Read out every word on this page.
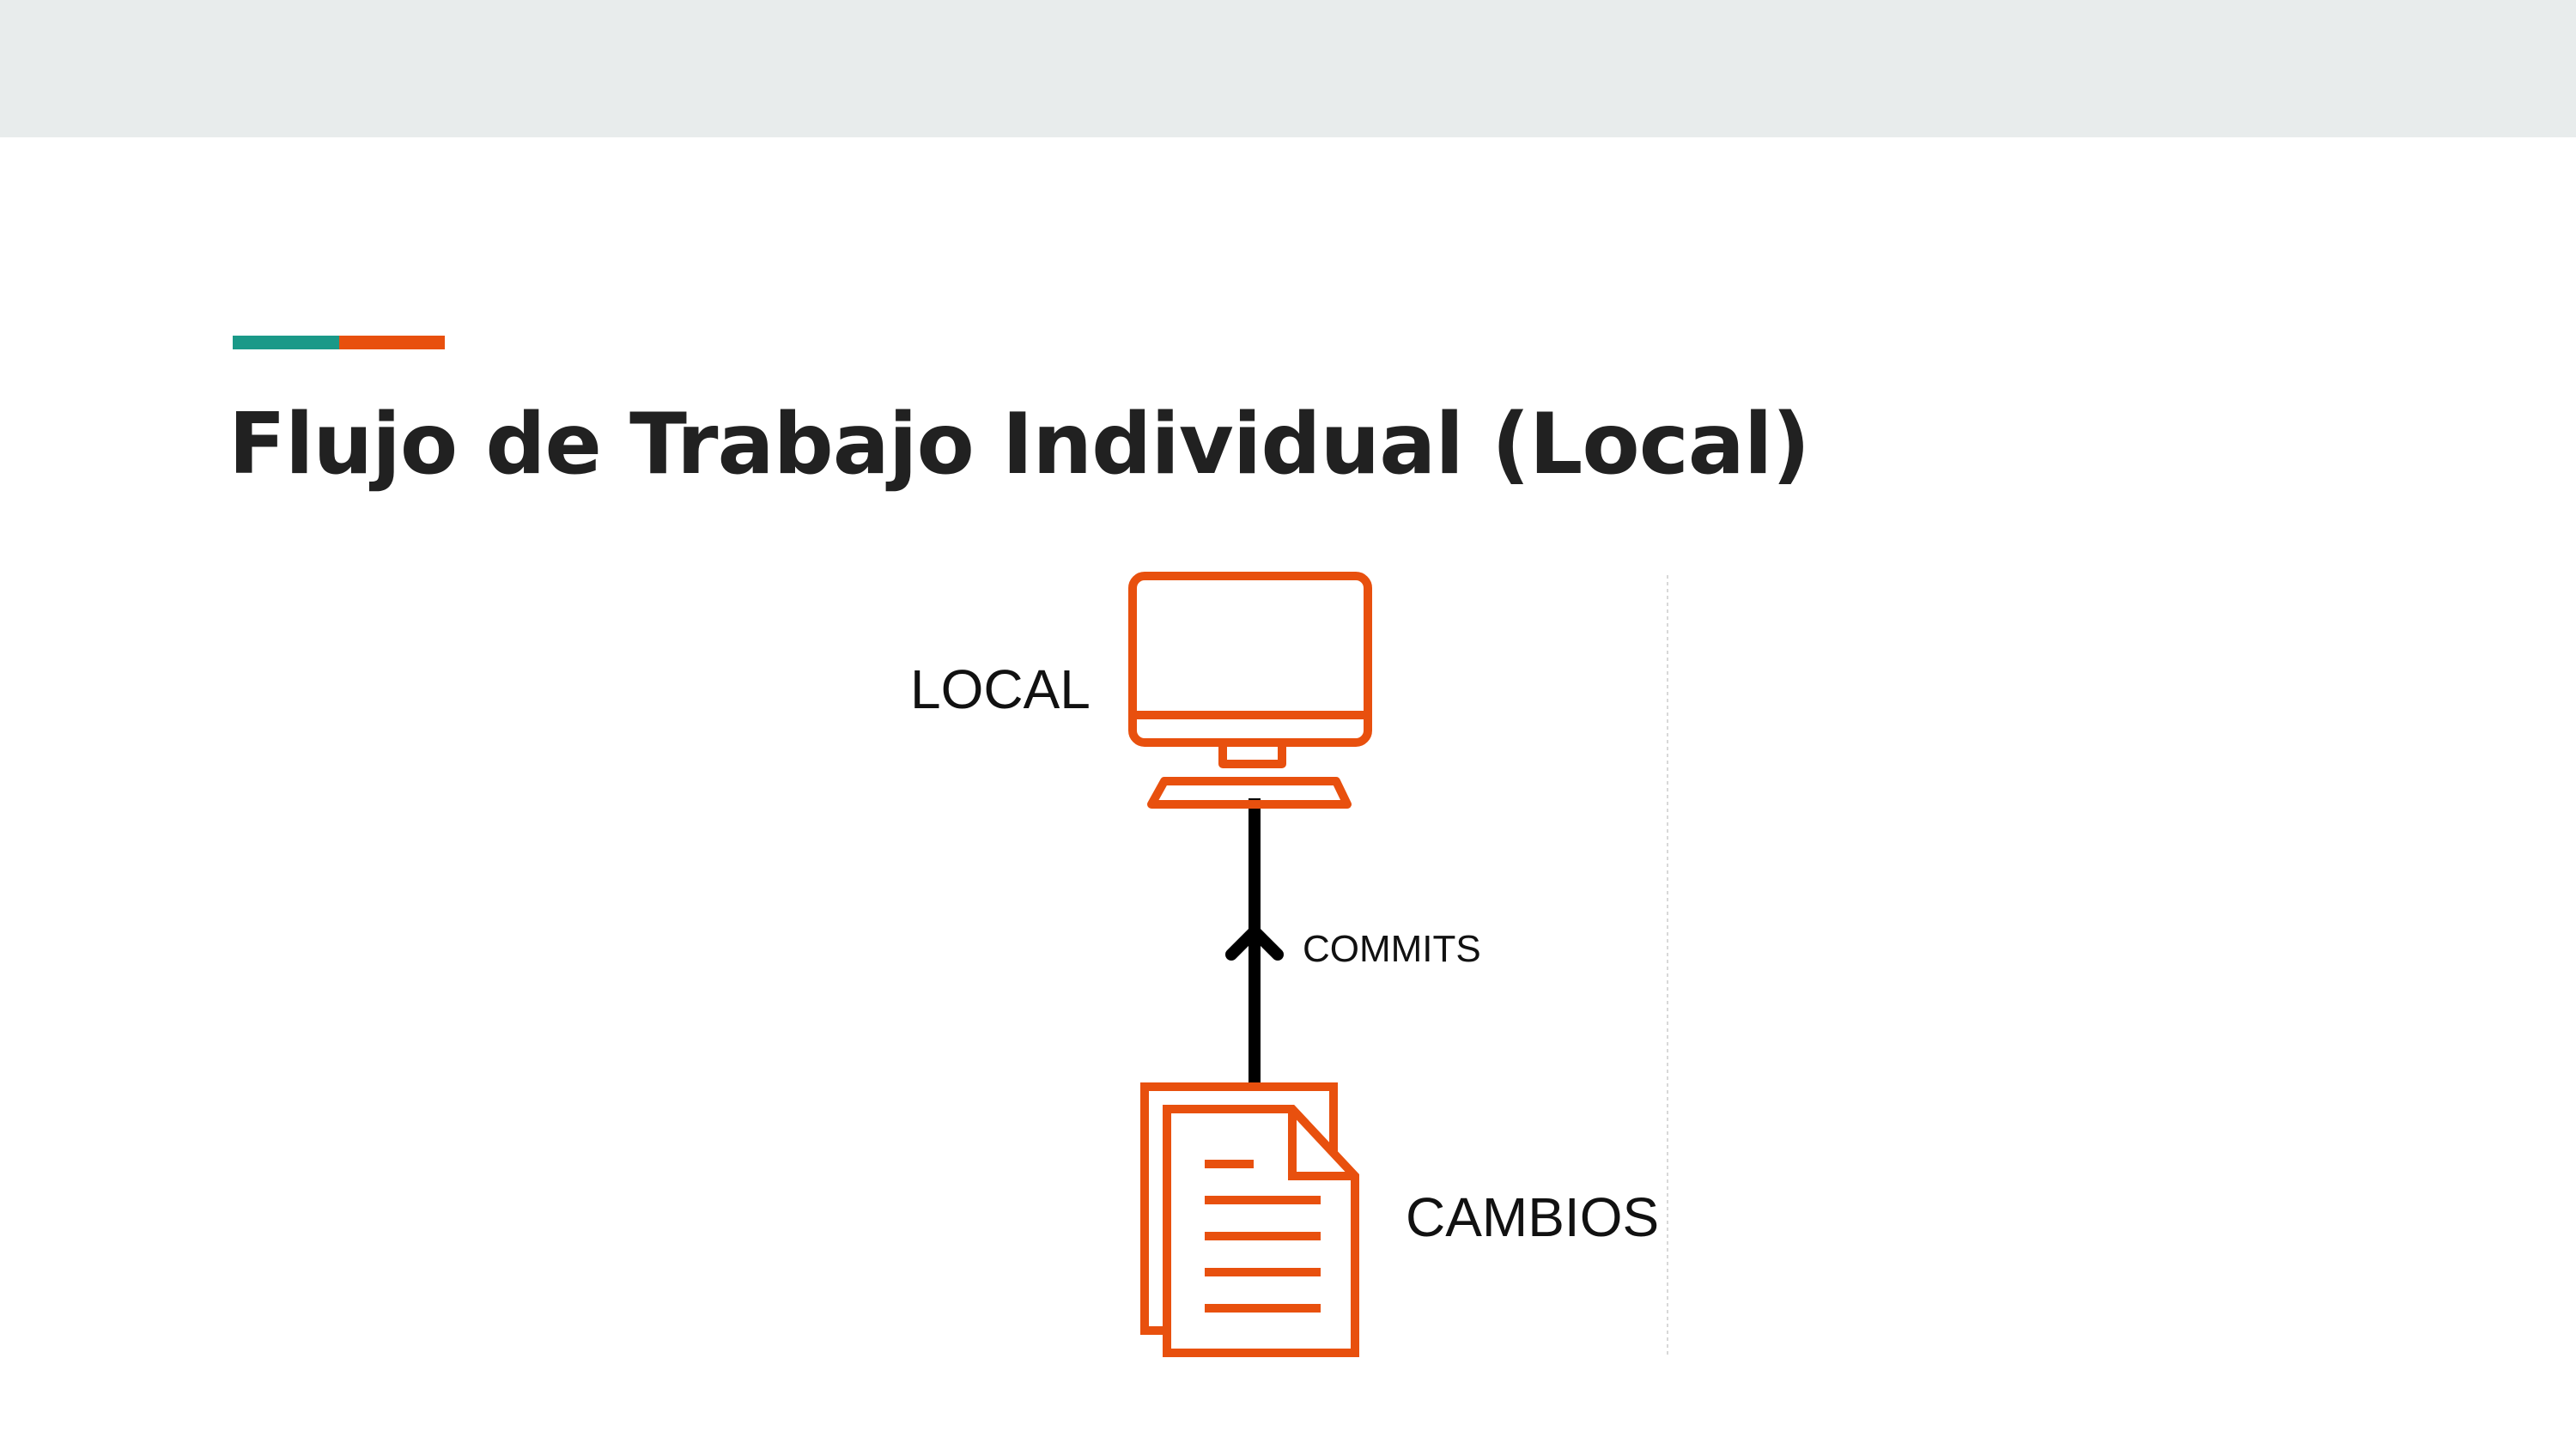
Flujo de Trabajo Individual (Local)
LOCAL
COMMITS
CAMBIOS
